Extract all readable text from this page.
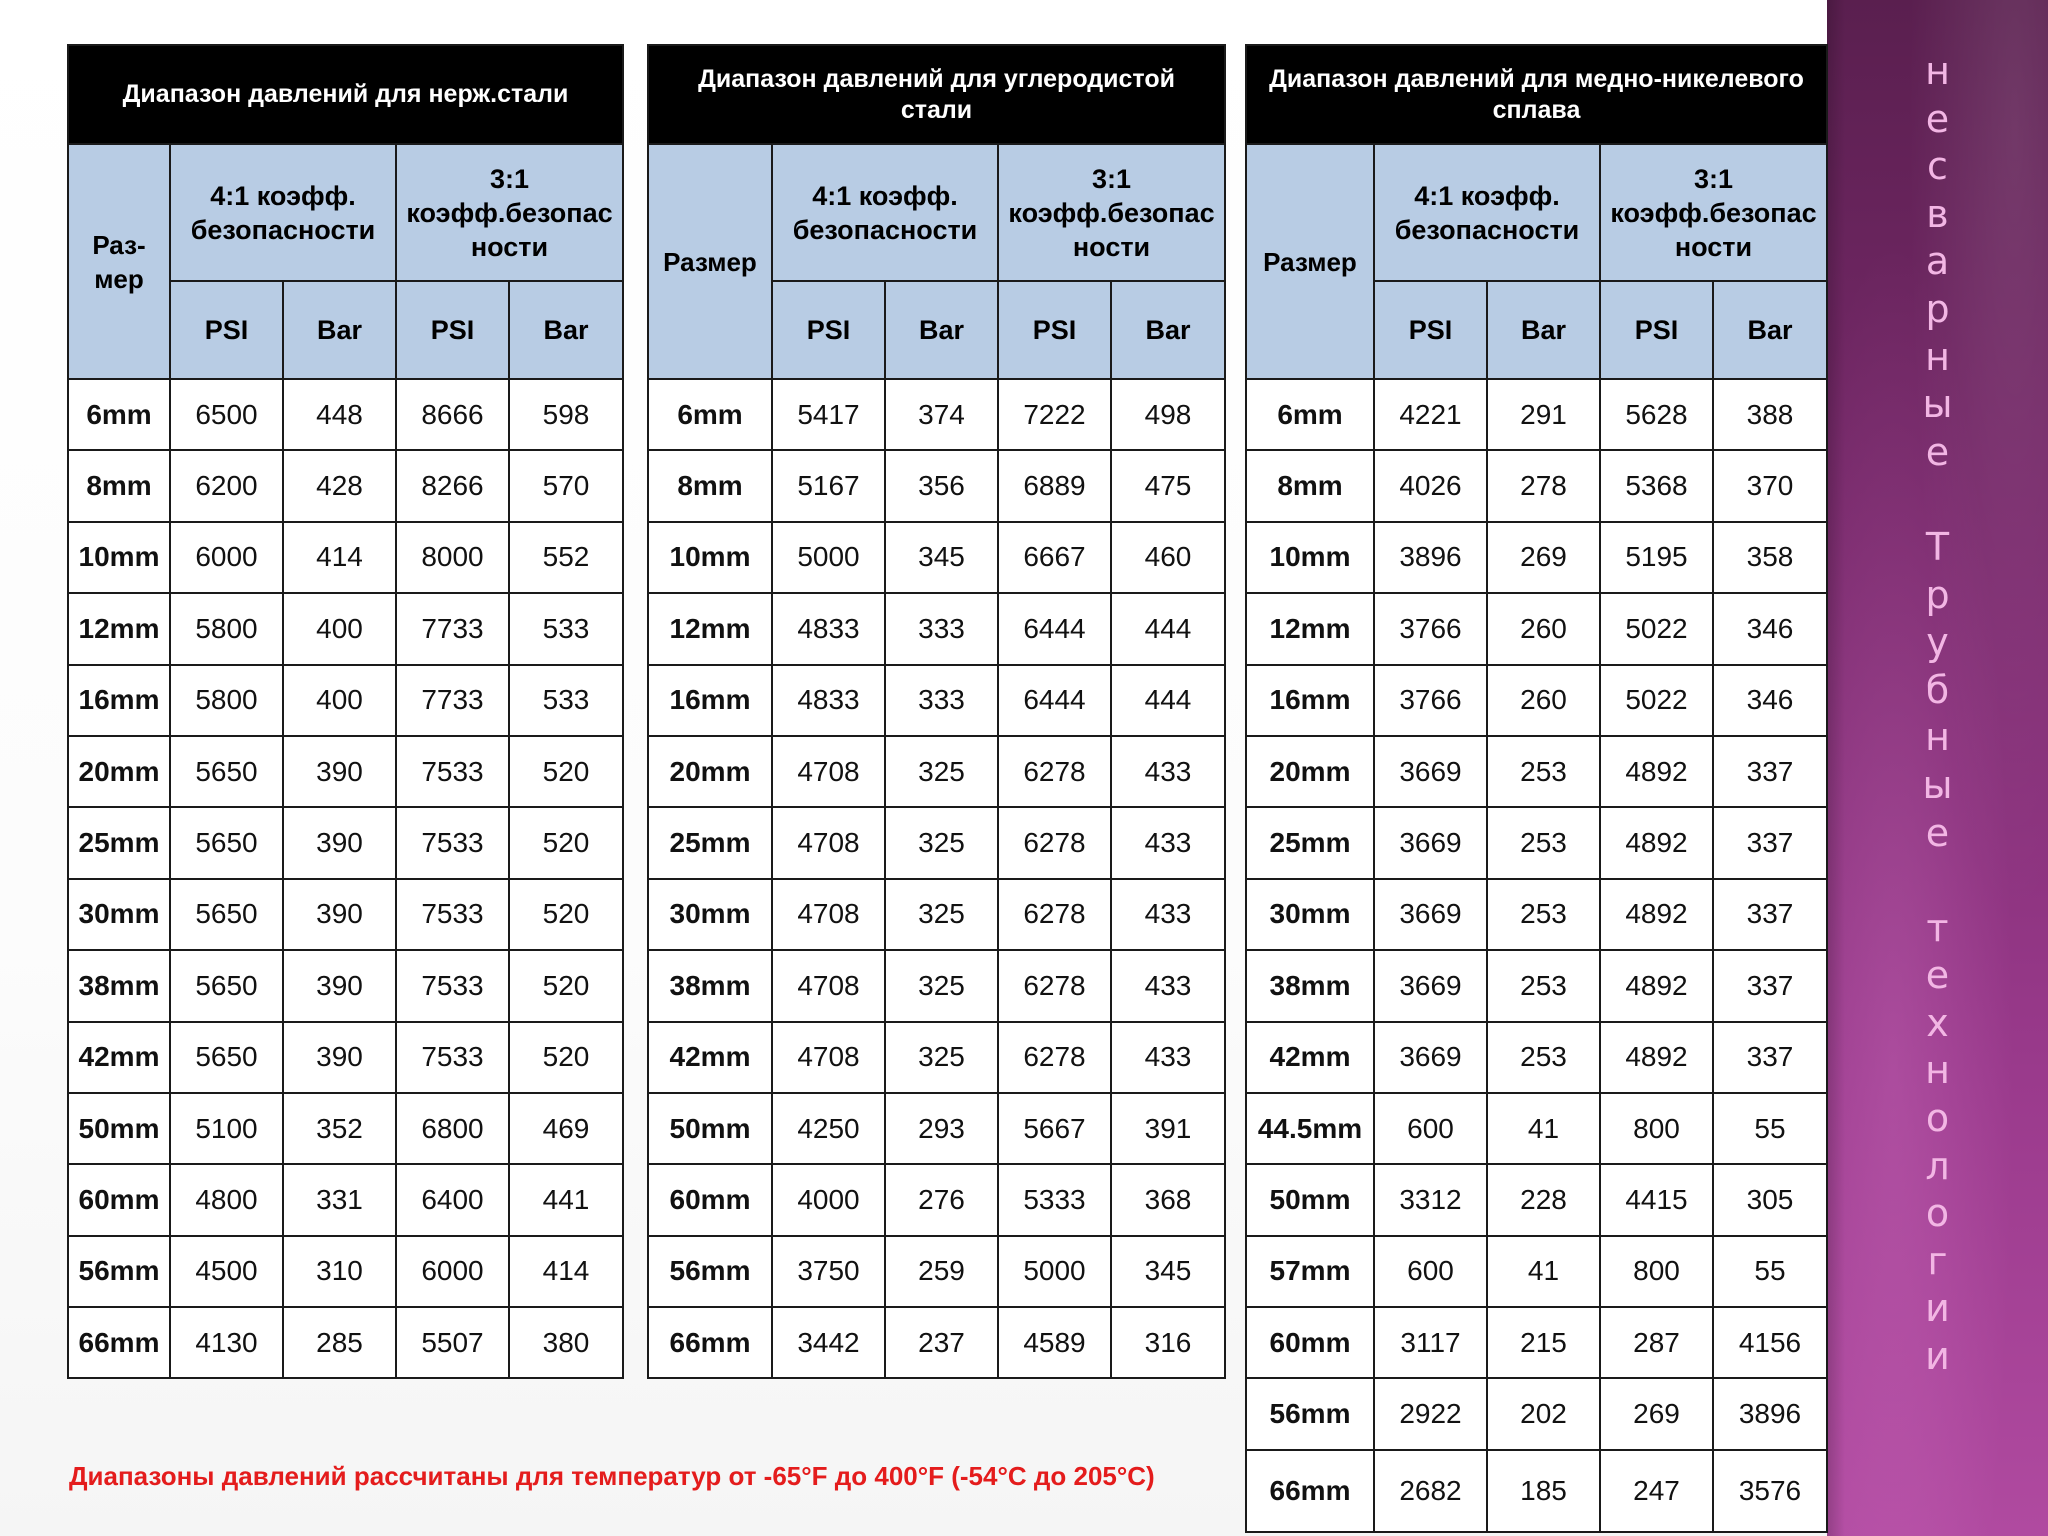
н
е
с
в
а
р
н
ы
е

Т
р
у
б
н
ы
е

т
е
х
н
о
л
о
г
и
и
Диапазон давлений для нерж.стали				
Раз-
мер	4:1 коэфф. безопасности		3:1
коэфф.безопас
ности	
	PSI	Bar	PSI	Bar
6mm	6500	448	8666	598
8mm	6200	428	8266	570
10mm	6000	414	8000	552
12mm	5800	400	7733	533
16mm	5800	400	7733	533
20mm	5650	390	7533	520
25mm	5650	390	7533	520
30mm	5650	390	7533	520
38mm	5650	390	7533	520
42mm	5650	390	7533	520
50mm	5100	352	6800	469
60mm	4800	331	6400	441
56mm	4500	310	6000	414
66mm	4130	285	5507	380
Диапазон давлений для углеродистой
стали				
Размер	4:1 коэфф. безопасности		3:1
коэфф.безопас
ности	
	PSI	Bar	PSI	Bar
6mm	5417	374	7222	498
8mm	5167	356	6889	475
10mm	5000	345	6667	460
12mm	4833	333	6444	444
16mm	4833	333	6444	444
20mm	4708	325	6278	433
25mm	4708	325	6278	433
30mm	4708	325	6278	433
38mm	4708	325	6278	433
42mm	4708	325	6278	433
50mm	4250	293	5667	391
60mm	4000	276	5333	368
56mm	3750	259	5000	345
66mm	3442	237	4589	316
Диапазон давлений для медно-никелевого
сплава				
Размер	4:1 коэфф. безопасности		3:1
коэфф.безопас
ности	
	PSI	Bar	PSI	Bar
6mm	4221	291	5628	388
8mm	4026	278	5368	370
10mm	3896	269	5195	358
12mm	3766	260	5022	346
16mm	3766	260	5022	346
20mm	3669	253	4892	337
25mm	3669	253	4892	337
30mm	3669	253	4892	337
38mm	3669	253	4892	337
42mm	3669	253	4892	337
44.5mm	600	41	800	55
50mm	3312	228	4415	305
57mm	600	41	800	55
60mm	3117	215	287	4156
56mm	2922	202	269	3896
66mm	2682	185	247	3576
Диапазоны давлений рассчитаны для температур от -65°F до 400°F (-54°C до 205°C)
